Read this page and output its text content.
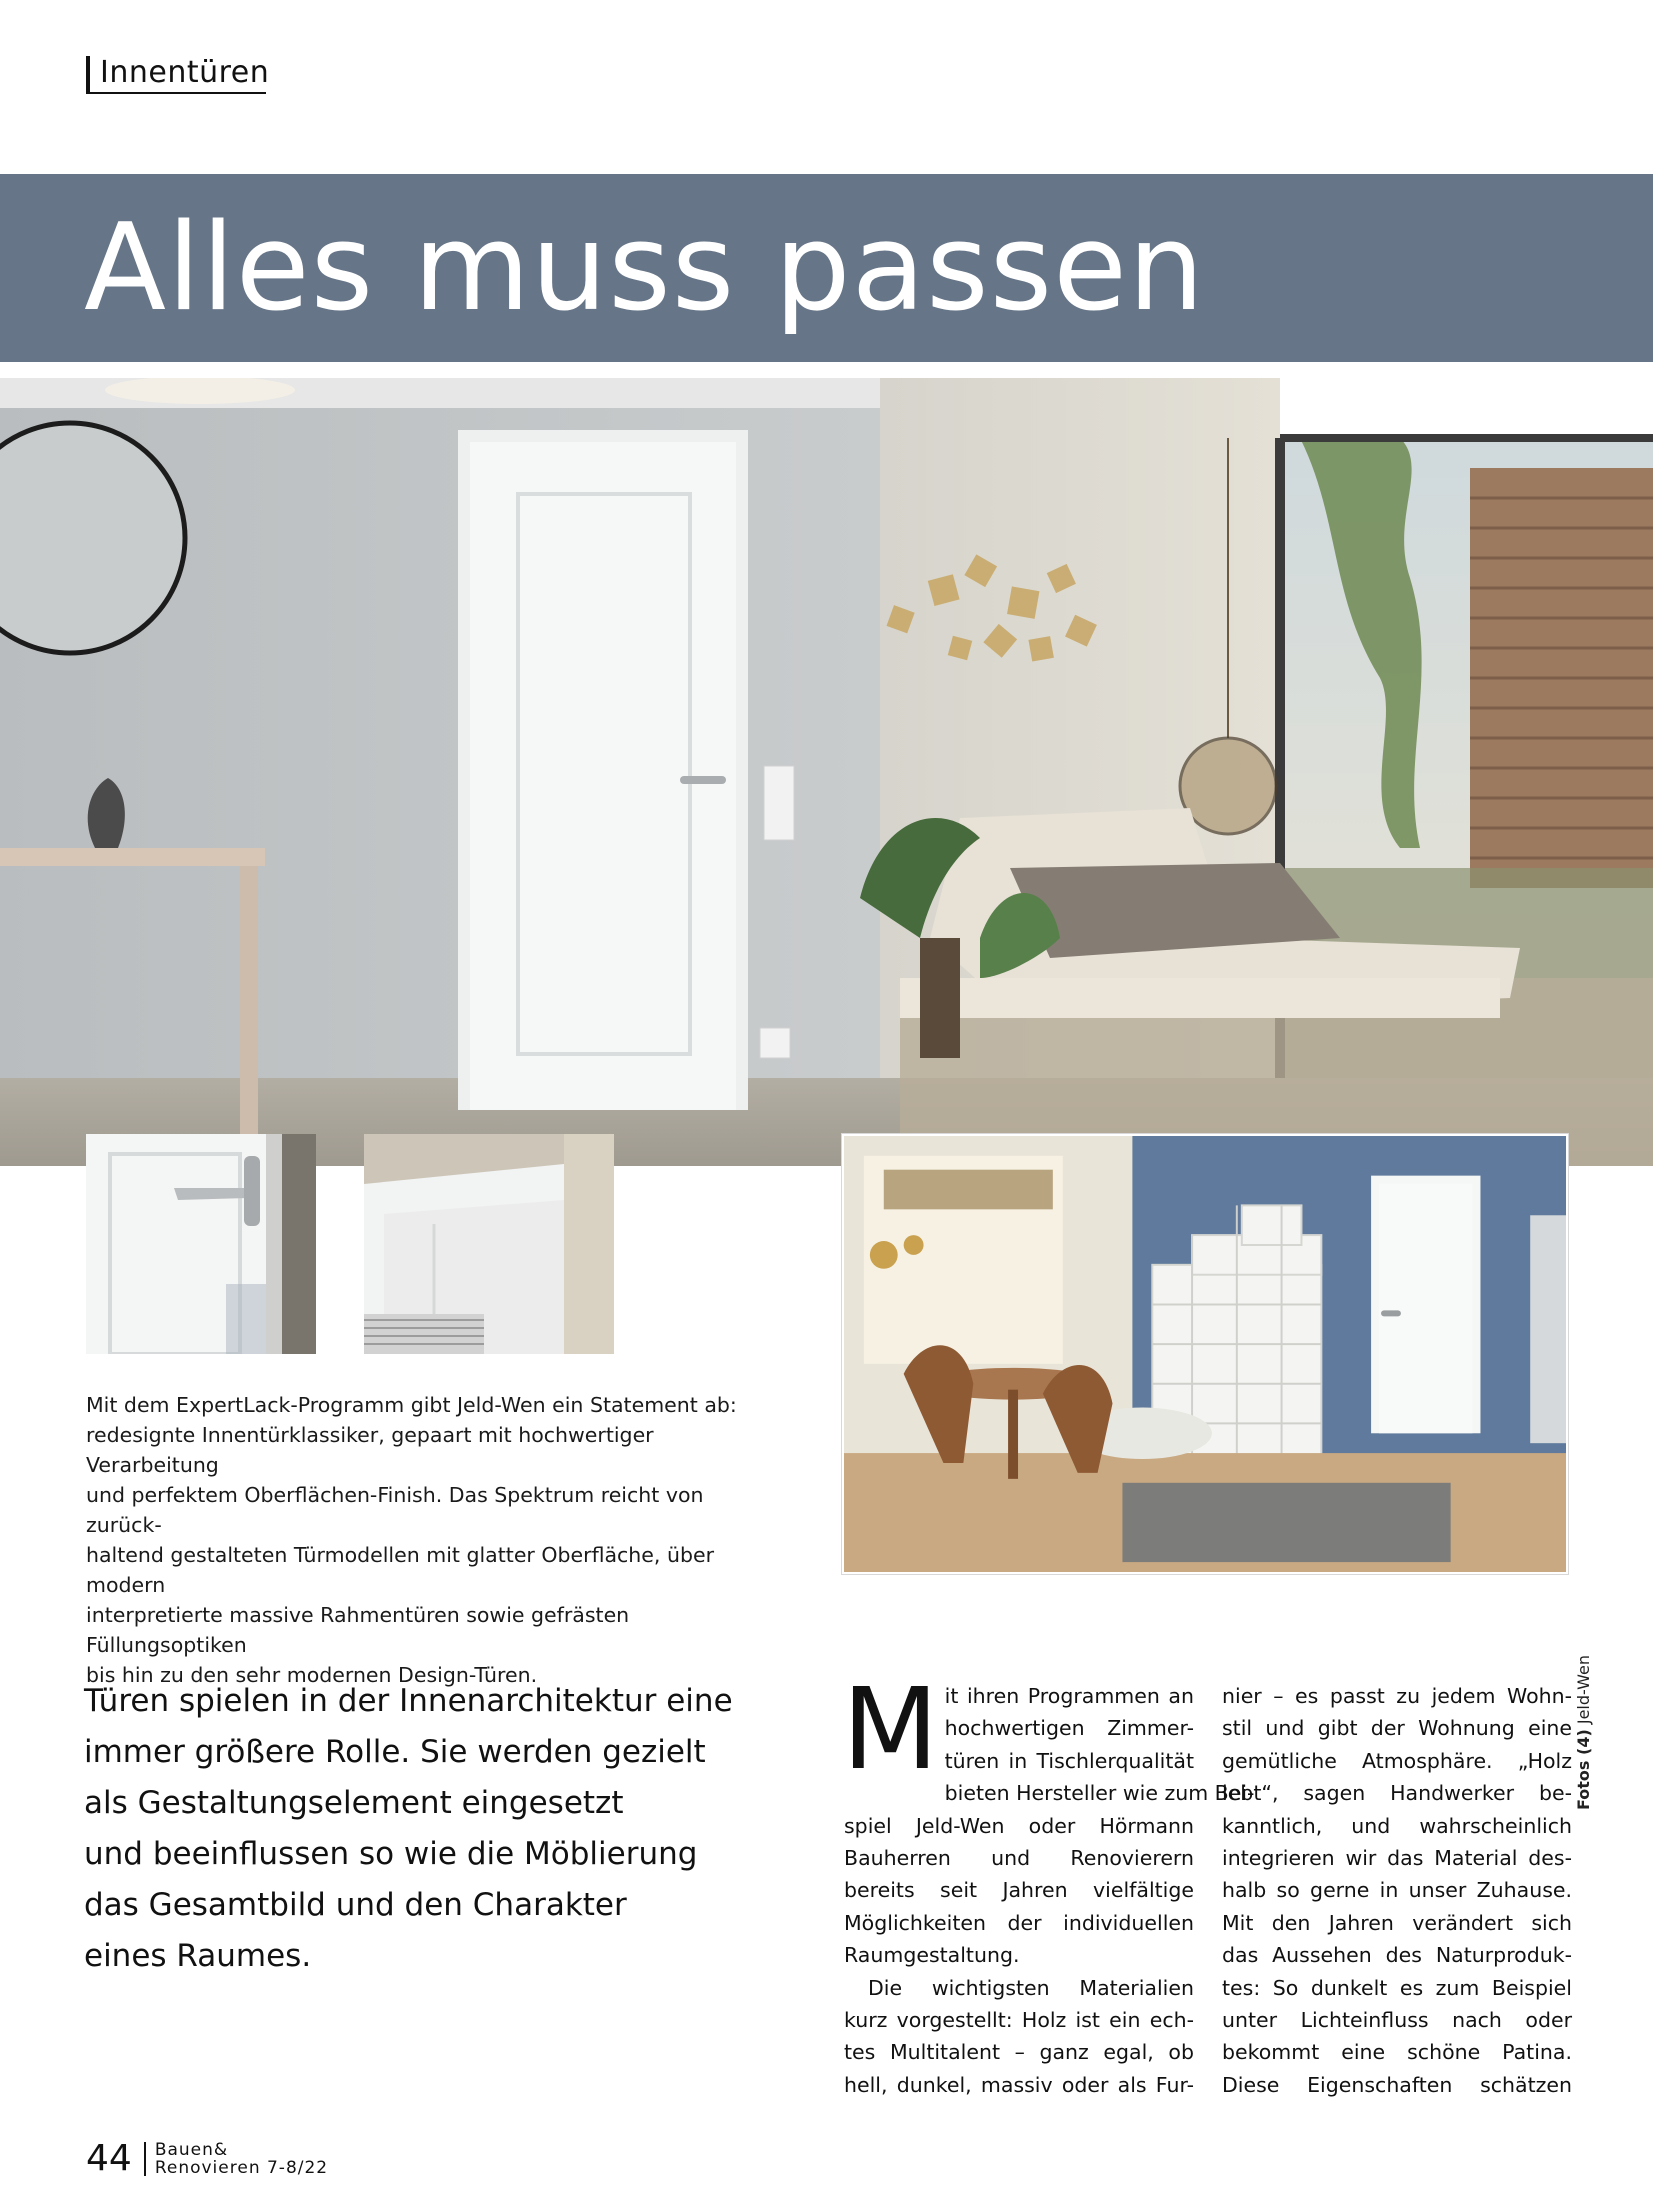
Innentüren
Alles muss passen
Mit dem ExpertLack-Programm gibt Jeld-Wen ein Statement ab:
redesignte Innentürklassiker, gepaart mit hochwertiger Verarbeitung
und perfektem Oberflächen-Finish. Das Spektrum reicht von zurück-
haltend gestalteten Türmodellen mit glatter Oberfläche, über modern
interpretierte massive Rahmentüren sowie gefrästen Füllungsoptiken
bis hin zu den sehr modernen Design-Türen.
Fotos (4) Jeld-Wen
Türen spielen in der Innenarchitektur eine
immer größere Rolle. Sie werden gezielt
als Gestaltungselement eingesetzt
und beeinflussen so wie die Möblierung
das Gesamtbild und den Charakter
eines Raumes.
M it ihren Programmen an
hochwertigen Zimmer-
türen in Tischlerqualität
bieten Hersteller wie zum Bei-
spiel Jeld-Wen oder Hörmann
Bauherren und Renovierern
bereits seit Jahren vielfältige
Möglichkeiten der individuellen
Raumgestaltung.
Die wichtigsten Materialien
kurz vorgestellt: Holz ist ein ech-
tes Multitalent – ganz egal, ob
hell, dunkel, massiv oder als Fur-
nier – es passt zu jedem Wohn-
stil und gibt der Wohnung eine
gemütliche Atmosphäre. „Holz
lebt“, sagen Handwerker be-
kanntlich, und wahrscheinlich
integrieren wir das Material des-
halb so gerne in unser Zuhause.
Mit den Jahren verändert sich
das Aussehen des Naturproduk-
tes: So dunkelt es zum Beispiel
unter Lichteinfluss nach oder
bekommt eine schöne Patina.
Diese Eigenschaften schätzen
44 Bauen&
Renovieren 7-8/22
